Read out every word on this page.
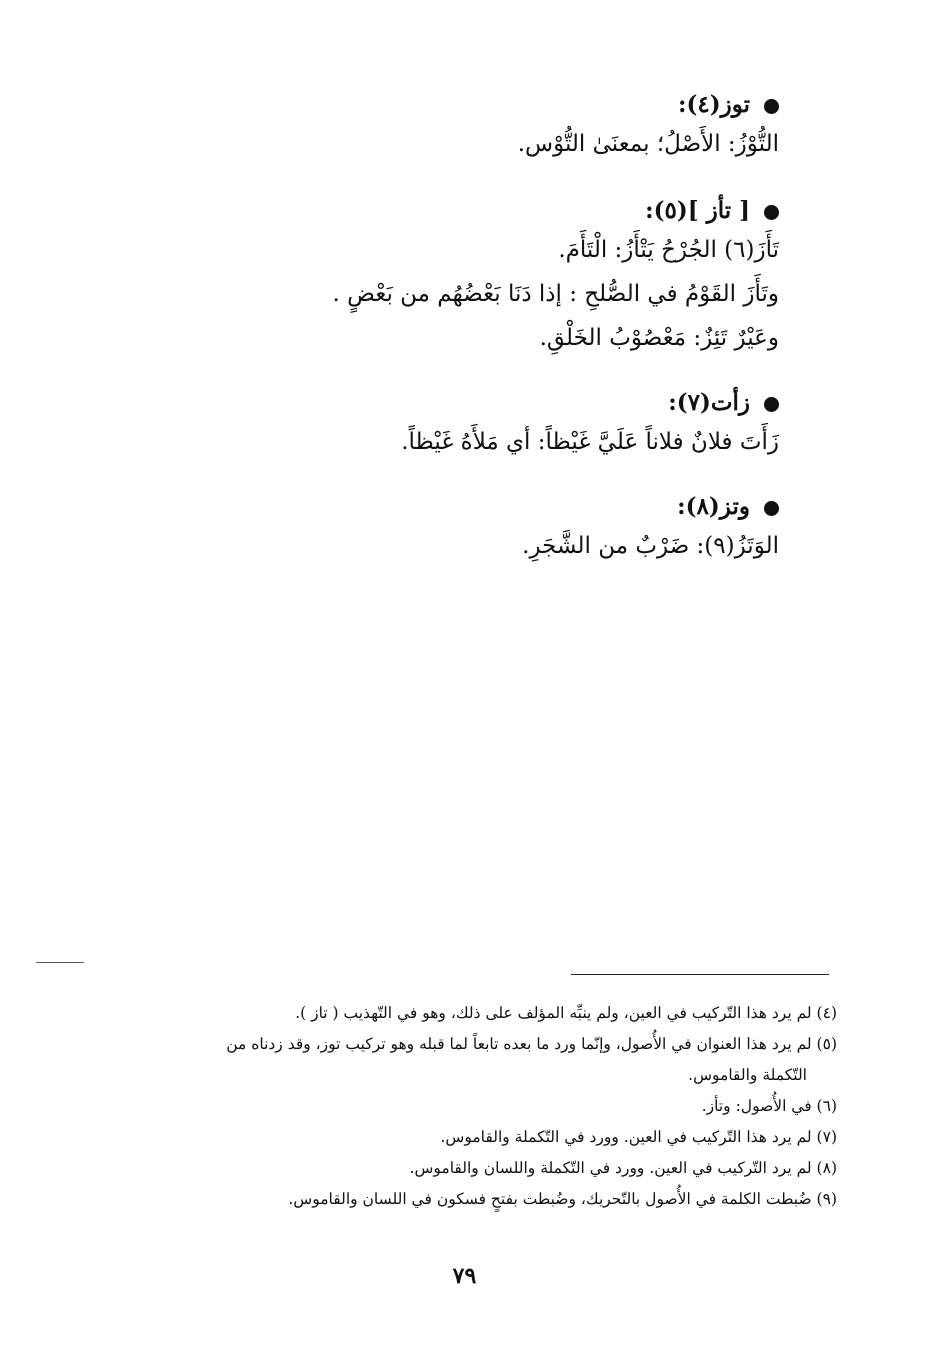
توز(٤):
التُّوْزُ: الأَصْلُ؛ بمعنَىٰ التُّوْس.
[ تأز ](٥):
تَأَزَ(٦) الجُرْحُ يَتْأَزُ: الْتَأَمَ.
وتَأَزَ القَوْمُ في الصُّلحِ : إذا دَنَا بَعْضُهُم من بَعْضٍ .
وعَيْرٌ تَئِزٌ: مَعْصُوْبُ الخَلْقِ.
زأت(٧):
زَأَتَ فلانٌ فلاناً عَلَيَّ غَيْظاً: أي مَلأَهُ غَيْظاً.
وتز(٨):
الوَتَزُ(٩): ضَرْبٌ من الشَّجَرِ.
(٤) لم يرد هذا التّركيب في العين، ولم ينبِّه المؤلف على ذلك، وهو في التّهذيب ( تاز ).
(٥) لم يرد هذا العنوان في الأُصول، وإنّما ورد ما بعده تابعاً لما قبله وهو تركيب توز، وقد زدناه من
التّكملة والقاموس.
(٦) في الأُصول: وتأز.
(٧) لم يرد هذا التّركيب في العين. وورد في التّكملة والقاموس.
(٨) لم يرد التّركيب في العين. وورد في التّكملة واللسان والقاموس.
(٩) ضُبطت الكلمة في الأُصول بالتّحريك، وضُبطت بفتحٍ فسكون في اللسان والقاموس.
٧٩
